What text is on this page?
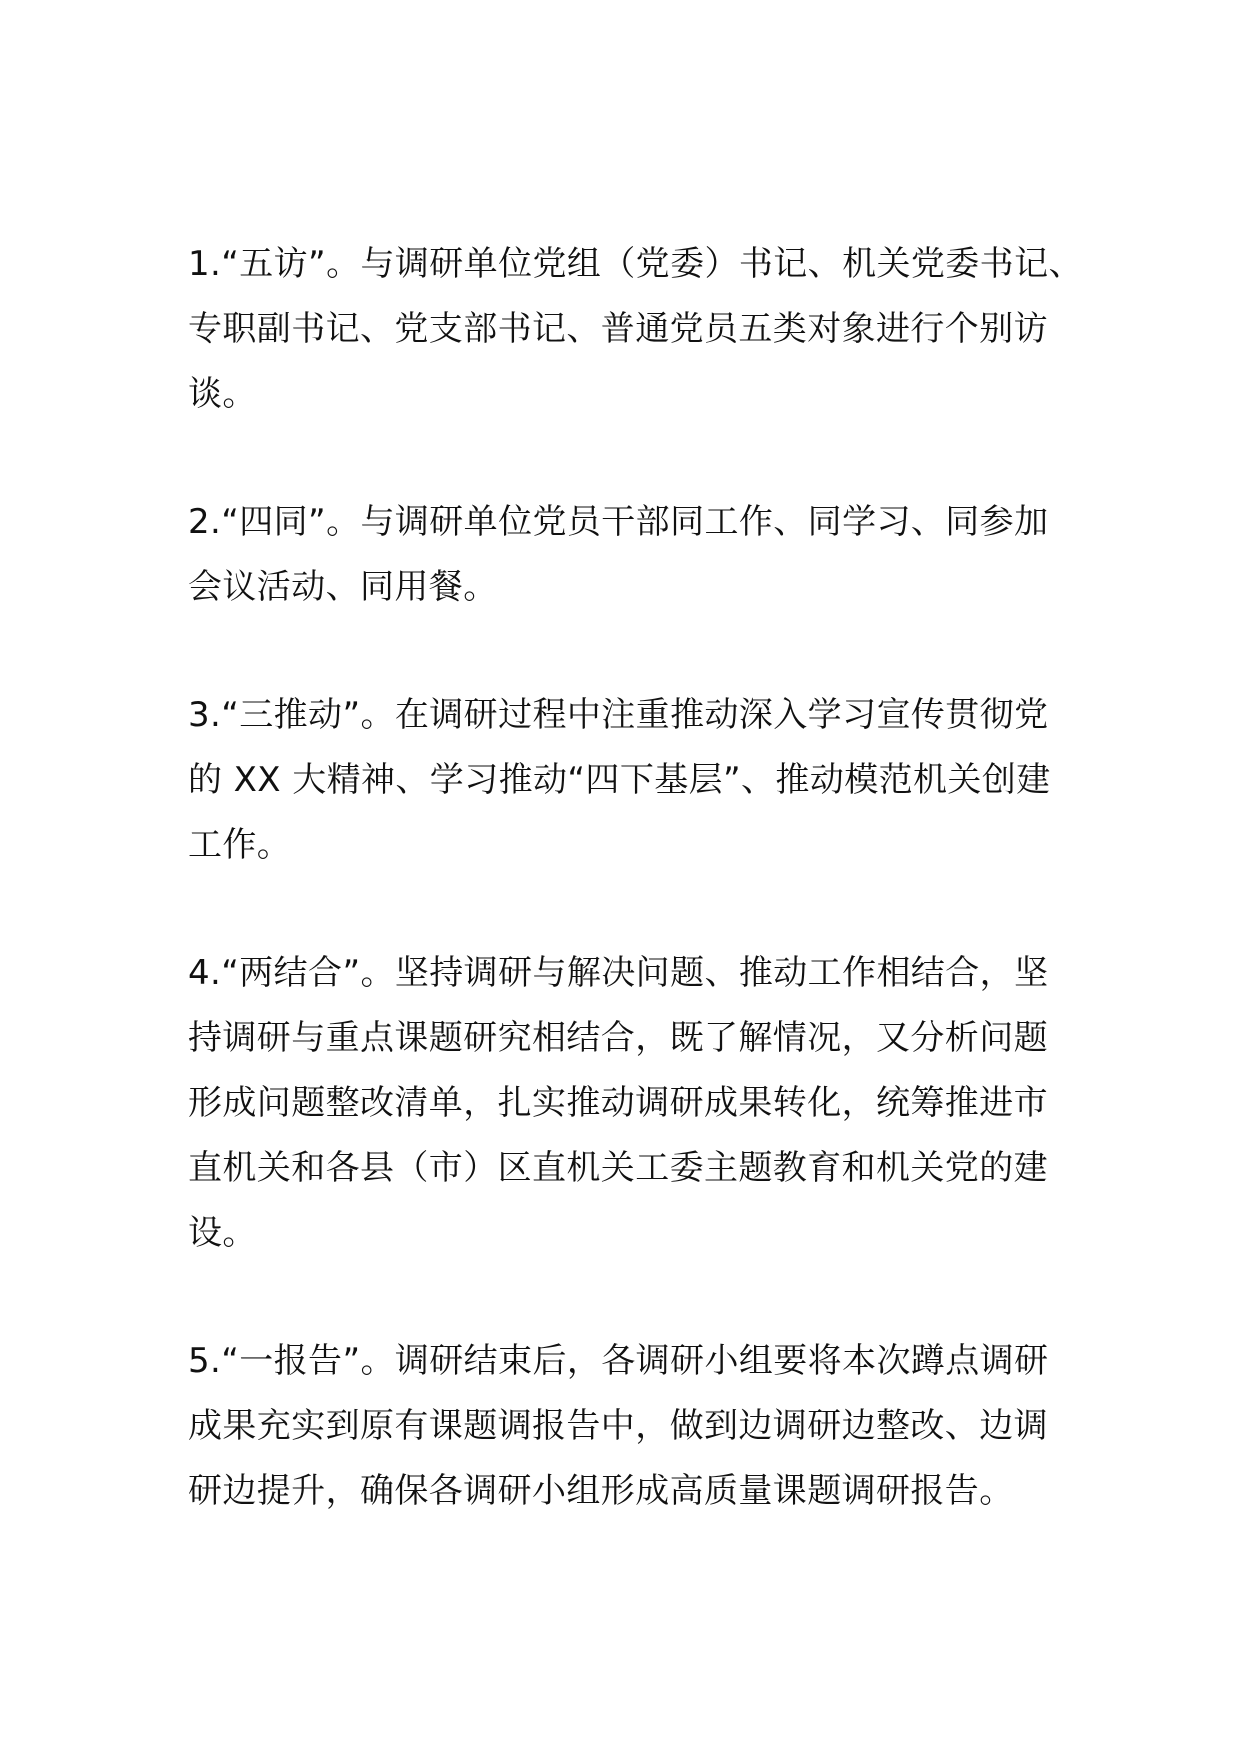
1.“五访”。与调研单位党组（党委）书记、机关党委书记、
专职副书记、党支部书记、普通党员五类对象进行个别访
谈。

2.“四同”。与调研单位党员干部同工作、同学习、同参加
会议活动、同用餐。

3.“三推动”。在调研过程中注重推动深入学习宣传贯彻党
的 XX 大精神、学习推动“四下基层”、推动模范机关创建
工作。

4.“两结合”。坚持调研与解决问题、推动工作相结合，坚
持调研与重点课题研究相结合，既了解情况，又分析问题
形成问题整改清单，扎实推动调研成果转化，统筹推进市
直机关和各县（市）区直机关工委主题教育和机关党的建
设。

5.“一报告”。调研结束后，各调研小组要将本次蹲点调研
成果充实到原有课题调报告中，做到边调研边整改、边调
研边提升，确保各调研小组形成高质量课题调研报告。
